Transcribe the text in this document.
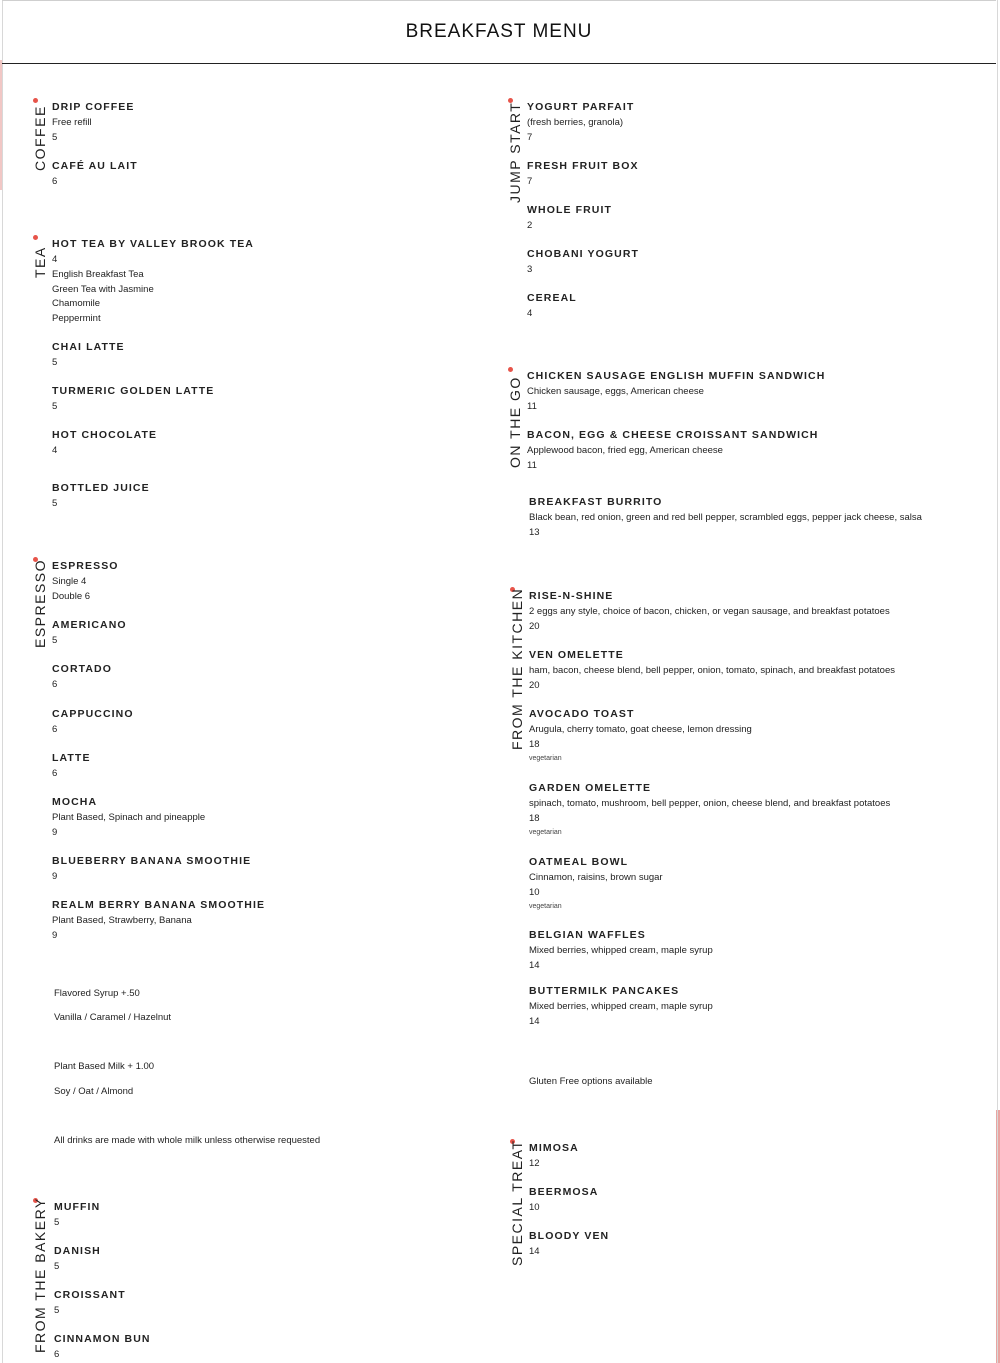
BREAKFAST MENU
COFFEE DRIP COFFEE
Free refill
5
CAFÉ AU LAIT
6
TEA
HOT TEA BY VALLEY BROOK TEA
4
English Breakfast Tea
Green Tea with Jasmine
Chamomile
Peppermint
CHAI LATTE
5
TURMERIC GOLDEN LATTE
5
HOT CHOCOLATE
4
BOTTLED JUICE
5
ESPRESSO ESPRESSO
Single 4
Double 6
AMERICANO
5
CORTADO
6
CAPPUCCINO
6
LATTE
6
MOCHA
Plant Based, Spinach and pineapple
9
BLUEBERRY BANANA SMOOTHIE
9
REALM BERRY BANANA SMOOTHIE
Plant Based, Strawberry, Banana
9
Flavored Syrup +.50
Vanilla / Caramel / Hazelnut
Plant Based Milk + 1.00
Soy / Oat / Almond
All drinks are made with whole milk unless otherwise requested
FROM THE BAKERY MUFFIN
5
DANISH
5
CROISSANT
5
CINNAMON BUN
6
JUMP START YOGURT PARFAIT
(fresh berries, granola)
7
FRESH FRUIT BOX
7
WHOLE FRUIT
2
CHOBANI YOGURT
3
CEREAL
4
ON THE GO
CHICKEN SAUSAGE ENGLISH MUFFIN SANDWICH
Chicken sausage, eggs, American cheese
11
BACON, EGG & CHEESE CROISSANT SANDWICH
Applewood bacon, fried egg, American cheese
11
BREAKFAST BURRITO
Black bean, red onion, green and red bell pepper, scrambled eggs, pepper jack cheese, salsa
13
FROM THE KITCHEN RISE-N-SHINE
2 eggs any style, choice of bacon, chicken, or vegan sausage, and breakfast potatoes
20
VEN OMELETTE
ham, bacon, cheese blend, bell pepper, onion, tomato, spinach, and breakfast potatoes
20
AVOCADO TOAST
Arugula, cherry tomato, goat cheese, lemon dressing
18
vegetarian
GARDEN OMELETTE
spinach, tomato, mushroom, bell pepper, onion, cheese blend, and breakfast potatoes
18
vegetarian
OATMEAL BOWL
Cinnamon, raisins, brown sugar
10
vegetarian
BELGIAN WAFFLES
Mixed berries, whipped cream, maple syrup
14
BUTTERMILK PANCAKES
Mixed berries, whipped cream, maple syrup
14
Gluten Free options available
SPECIAL TREAT MIMOSA
12
BEERMOSA
10
BLOODY VEN
14
